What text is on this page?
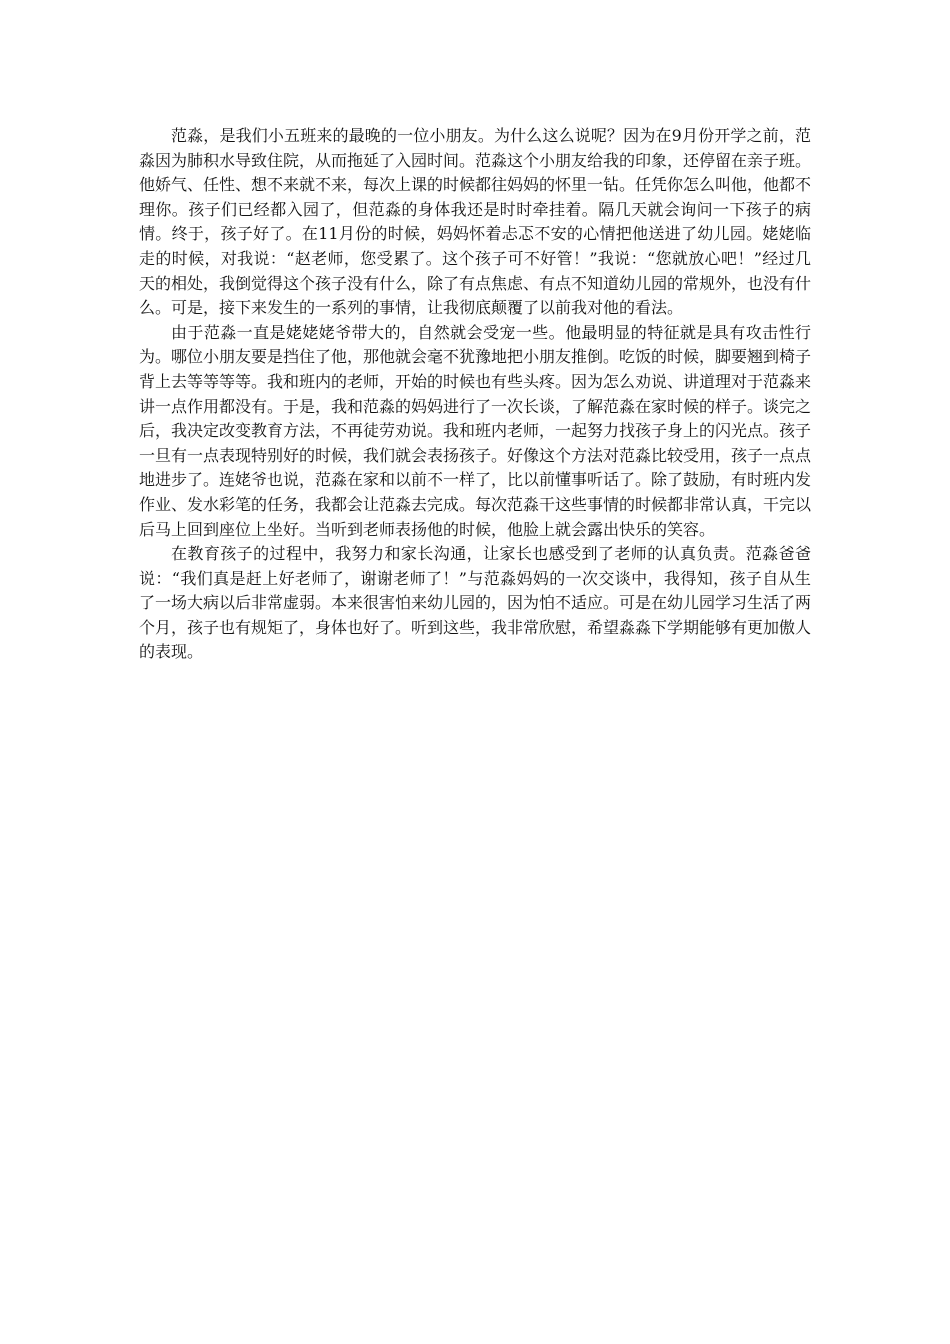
范淼，是我们小五班来的最晚的一位小朋友。为什么这么说呢？因为在9月份开学之前，范淼因为肺积水导致住院，从而拖延了入园时间。范淼这个小朋友给我的印象，还停留在亲子班。他娇气、任性、想不来就不来，每次上课的时候都往妈妈的怀里一钻。任凭你怎么叫他，他都不理你。孩子们已经都入园了，但范淼的身体我还是时时牵挂着。隔几天就会询问一下孩子的病情。终于，孩子好了。在11月份的时候，妈妈怀着忐忑不安的心情把他送进了幼儿园。姥姥临走的时候，对我说：“赵老师，您受累了。这个孩子可不好管！”我说：“您就放心吧！”经过几天的相处，我倒觉得这个孩子没有什么，除了有点焦虑、有点不知道幼儿园的常规外，也没有什么。可是，接下来发生的一系列的事情，让我彻底颠覆了以前我对他的看法。

由于范淼一直是姥姥姥爷带大的，自然就会受宠一些。他最明显的特征就是具有攻击性行为。哪位小朋友要是挡住了他，那他就会毫不犹豫地把小朋友推倒。吃饭的时候，脚要翘到椅子背上去等等等等。我和班内的老师，开始的时候也有些头疼。因为怎么劝说、讲道理对于范淼来讲一点作用都没有。于是，我和范淼的妈妈进行了一次长谈，了解范淼在家时候的样子。谈完之后，我决定改变教育方法，不再徒劳劝说。我和班内老师，一起努力找孩子身上的闪光点。孩子一旦有一点表现特别好的时候，我们就会表扬孩子。好像这个方法对范淼比较受用，孩子一点点地进步了。连姥爷也说，范淼在家和以前不一样了，比以前懂事听话了。除了鼓励，有时班内发作业、发水彩笔的任务，我都会让范淼去完成。每次范淼干这些事情的时候都非常认真，干完以后马上回到座位上坐好。当听到老师表扬他的时候，他脸上就会露出快乐的笑容。

在教育孩子的过程中，我努力和家长沟通，让家长也感受到了老师的认真负责。范淼爸爸说：“我们真是赶上好老师了，谢谢老师了！”与范淼妈妈的一次交谈中，我得知，孩子自从生了一场大病以后非常虚弱。本来很害怕来幼儿园的，因为怕不适应。可是在幼儿园学习生活了两个月，孩子也有规矩了，身体也好了。听到这些，我非常欣慰，希望淼淼下学期能够有更加傲人的表现。
